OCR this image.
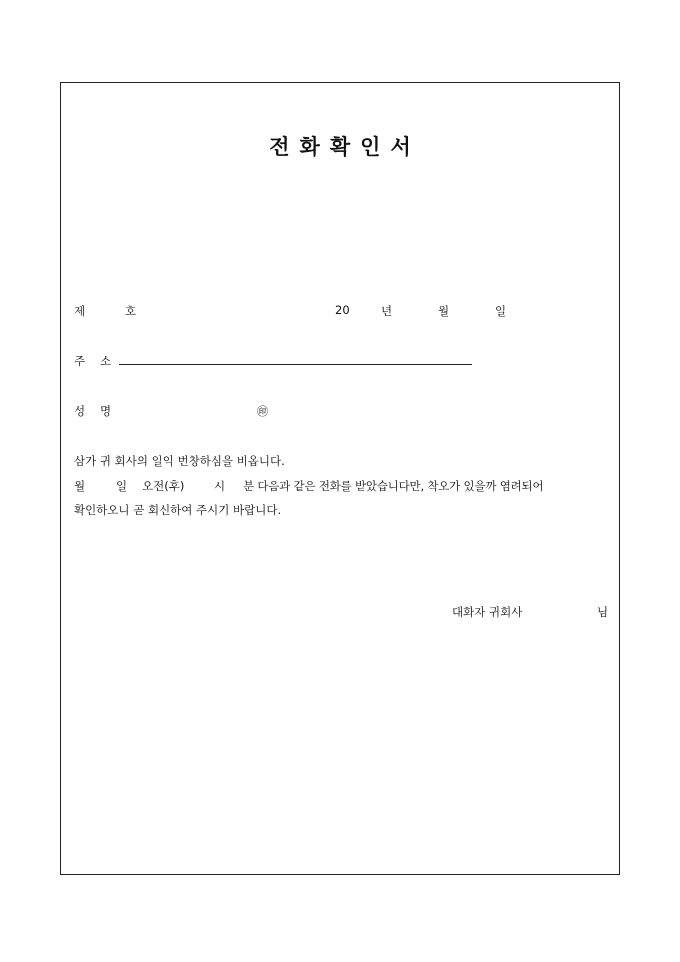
전 화 확 인 서
제	호	20	년	월	일
주 소
성 명	㊞
삼가 귀 회사의 일익 번창하심을 비옵니다.
월	일 오전(후)	시 분 다음과 같은 전화를 받았습니다만, 착오가 있을까 염려되어
확인하오니 곧 회신하여 주시기 바랍니다.
대화자 귀회사	님
